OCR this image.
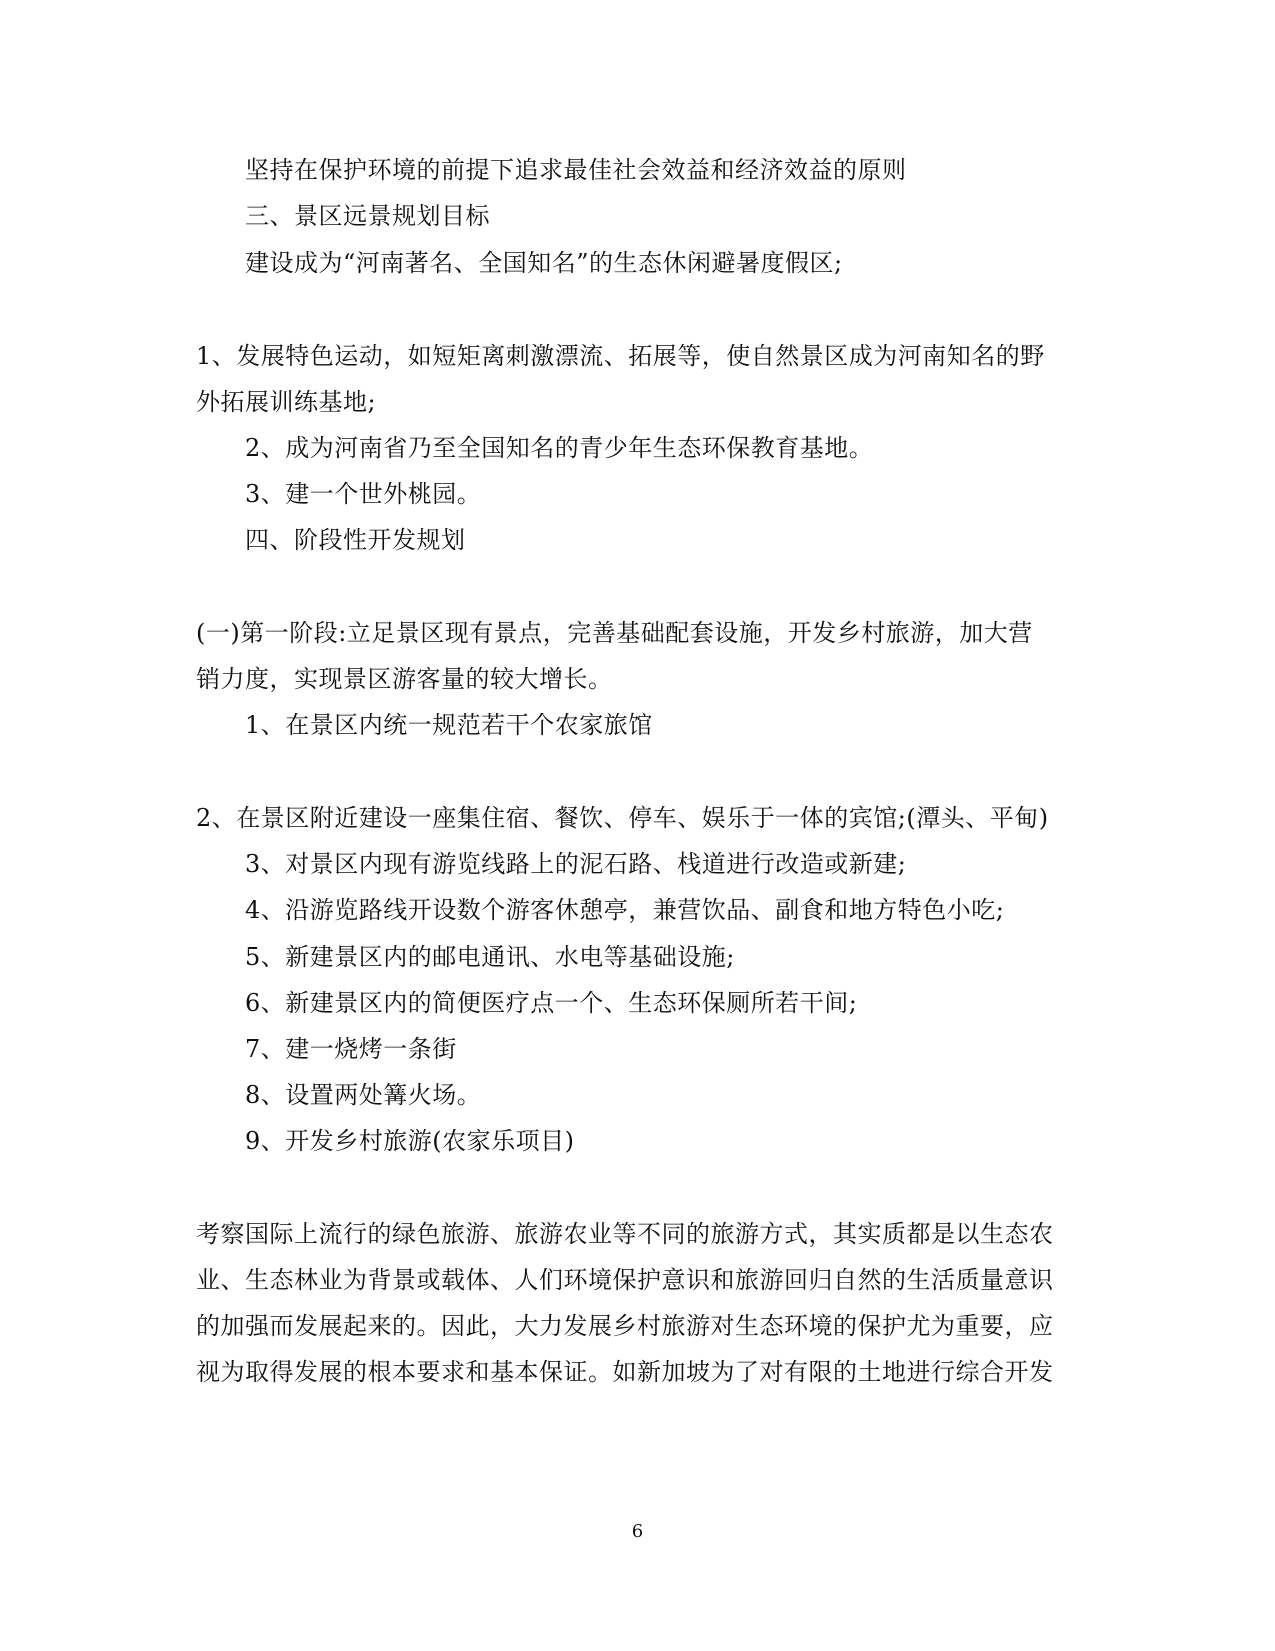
坚持在保护环境的前提下追求最佳社会效益和经济效益的原则
三、景区远景规划目标
建设成为“河南著名、全国知名”的生态休闲避暑度假区;
1、发展特色运动，如短矩离刺激漂流、拓展等，使自然景区成为河南知名的野
外拓展训练基地;
2、成为河南省乃至全国知名的青少年生态环保教育基地。
3、建一个世外桃园。
四、阶段性开发规划
(一)第一阶段:立足景区现有景点，完善基础配套设施，开发乡村旅游，加大营
销力度，实现景区游客量的较大增长。
1、在景区内统一规范若干个农家旅馆
2、在景区附近建设一座集住宿、餐饮、停车、娱乐于一体的宾馆;(潭头、平甸)
3、对景区内现有游览线路上的泥石路、栈道进行改造或新建;
4、沿游览路线开设数个游客休憩亭，兼营饮品、副食和地方特色小吃;
5、新建景区内的邮电通讯、水电等基础设施;
6、新建景区内的简便医疗点一个、生态环保厕所若干间;
7、建一烧烤一条街
8、设置两处篝火场。
9、开发乡村旅游(农家乐项目)
考察国际上流行的绿色旅游、旅游农业等不同的旅游方式，其实质都是以生态农
业、生态林业为背景或载体、人们环境保护意识和旅游回归自然的生活质量意识
的加强而发展起来的。因此，大力发展乡村旅游对生态环境的保护尤为重要，应
视为取得发展的根本要求和基本保证。如新加坡为了对有限的土地进行综合开发
6
